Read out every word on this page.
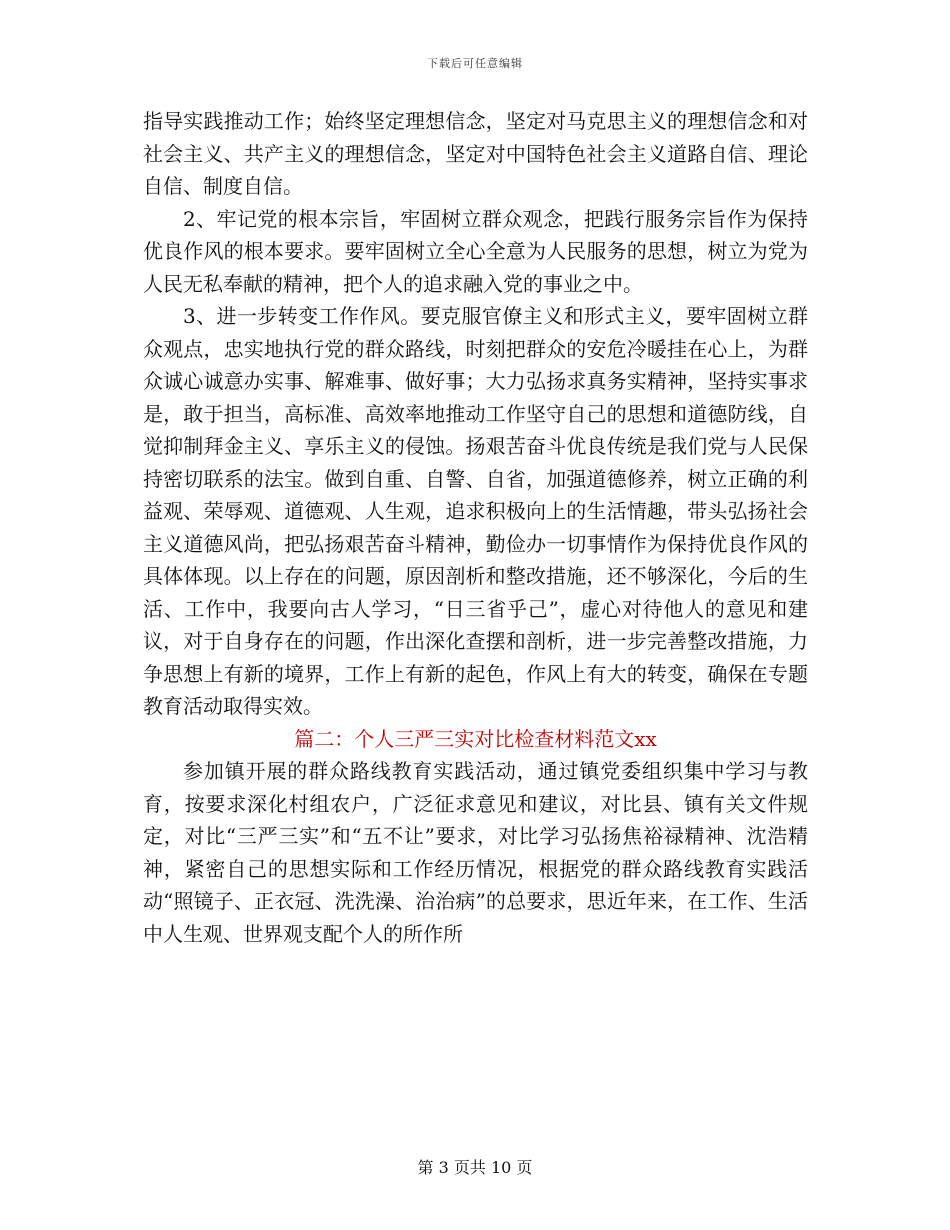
下载后可任意编辑

指导实践推动工作；始终坚定理想信念，坚定对马克思主义的理想信念和对社会主义、共产主义的理想信念，坚定对中国特色社会主义道路自信、理论自信、制度自信。

2、牢记党的根本宗旨，牢固树立群众观念，把践行服务宗旨作为保持优良作风的根本要求。要牢固树立全心全意为人民服务的思想，树立为党为人民无私奉献的精神，把个人的追求融入党的事业之中。

3、进一步转变工作作风。要克服官僚主义和形式主义，要牢固树立群众观点，忠实地执行党的群众路线，时刻把群众的安危冷暖挂在心上，为群众诚心诚意办实事、解难事、做好事；大力弘扬求真务实精神，坚持实事求是，敢于担当，高标准、高效率地推动工作坚守自己的思想和道德防线，自觉抑制拜金主义、享乐主义的侵蚀。扬艰苦奋斗优良传统是我们党与人民保持密切联系的法宝。做到自重、自警、自省，加强道德修养，树立正确的利益观、荣辱观、道德观、人生观，追求积极向上的生活情趣，带头弘扬社会主义道德风尚，把弘扬艰苦奋斗精神，勤俭办一切事情作为保持优良作风的具体体现。以上存在的问题，原因剖析和整改措施，还不够深化，今后的生活、工作中，我要向古人学习，“日三省乎己”，虚心对待他人的意见和建议，对于自身存在的问题，作出深化查摆和剖析，进一步完善整改措施，力争思想上有新的境界，工作上有新的起色，作风上有大的转变，确保在专题教育活动取得实效。

篇二：个人三严三实对比检查材料范文xx

参加镇开展的群众路线教育实践活动，通过镇党委组织集中学习与教育，按要求深化村组农户，广泛征求意见和建议，对比县、镇有关文件规定，对比“三严三实”和“五不让”要求，对比学习弘扬焦裕禄精神、沈浩精神，紧密自己的思想实际和工作经历情况，根据党的群众路线教育实践活动“照镜子、正衣冠、洗洗澡、治治病”的总要求，思近年来，在工作、生活中人生观、世界观支配个人的所作所

第 3 页共 10 页
